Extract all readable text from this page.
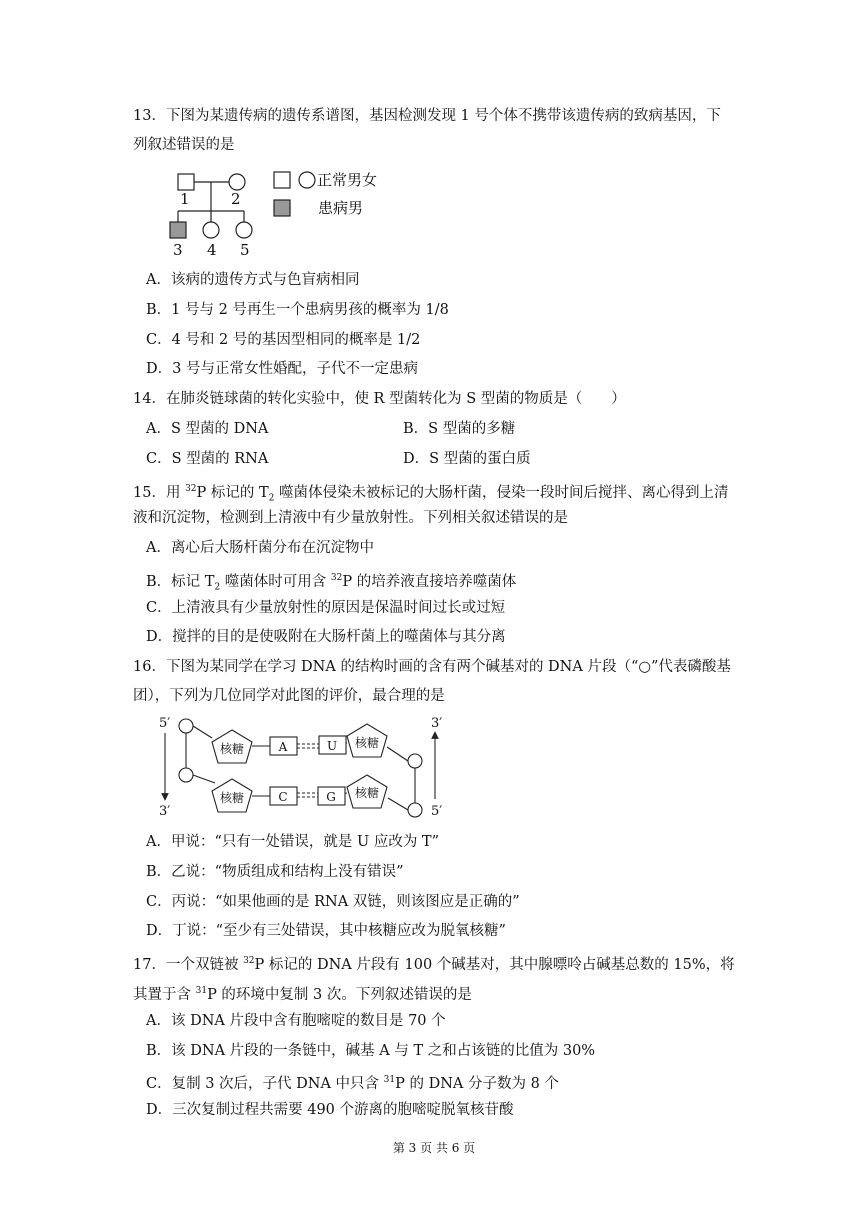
13．下图为某遗传病的遗传系谱图，基因检测发现 1 号个体不携带该遗传病的致病基因，下
列叙述错误的是
1	2
3 4 5
正常男女
患病男
A．该病的遗传方式与色盲病相同
B．1 号与 2 号再生一个患病男孩的概率为 1/8
C．4 号和 2 号的基因型相同的概率是 1/2
D．3 号与正常女性婚配，子代不一定患病
14．在肺炎链球菌的转化实验中，使 R 型菌转化为 S 型菌的物质是（　　）
A．S 型菌的 DNA	B．S 型菌的多糖
C．S 型菌的 RNA	D．S 型菌的蛋白质
15．用 $^{32}$P 标记的 $T_2$ 噬菌体侵染未被标记的大肠杆菌，侵染一段时间后搅拌、离心得到上清
液和沉淀物，检测到上清液中有少量放射性。下列相关叙述错误的是
A．离心后大肠杆菌分布在沉淀物中
B．标记 $T_2$ 噬菌体时可用含 $^{32}$P 的培养液直接培养噬菌体
C．上清液具有少量放射性的原因是保温时间过长或过短
D．搅拌的目的是使吸附在大肠杆菌上的噬菌体与其分离
16．下图为某同学在学习 DNA 的结构时画的含有两个碱基对的 DNA 片段（“○”代表磷酸基
团），下列为几位同学对此图的评价，最合理的是
5′
3′
3′
5′
核糖
核糖
核糖
核糖
A	U
C	G
A．甲说：“只有一处错误，就是 U 应改为 T”
B．乙说：“物质组成和结构上没有错误”
C．丙说：“如果他画的是 RNA 双链，则该图应是正确的”
D．丁说：“至少有三处错误，其中核糖应改为脱氧核糖”
17．一个双链被 $^{32}$P 标记的 DNA 片段有 100 个碱基对，其中腺嘌呤占碱基总数的 15%，将
其置于含 $^{31}$P 的环境中复制 3 次。下列叙述错误的是
A．该 DNA 片段中含有胞嘧啶的数目是 70 个
B．该 DNA 片段的一条链中，碱基 A 与 T 之和占该链的比值为 30%
C．复制 3 次后，子代 DNA 中只含 $^{31}$P 的 DNA 分子数为 8 个
D．三次复制过程共需要 490 个游离的胞嘧啶脱氧核苷酸
第 3 页 共 6 页
